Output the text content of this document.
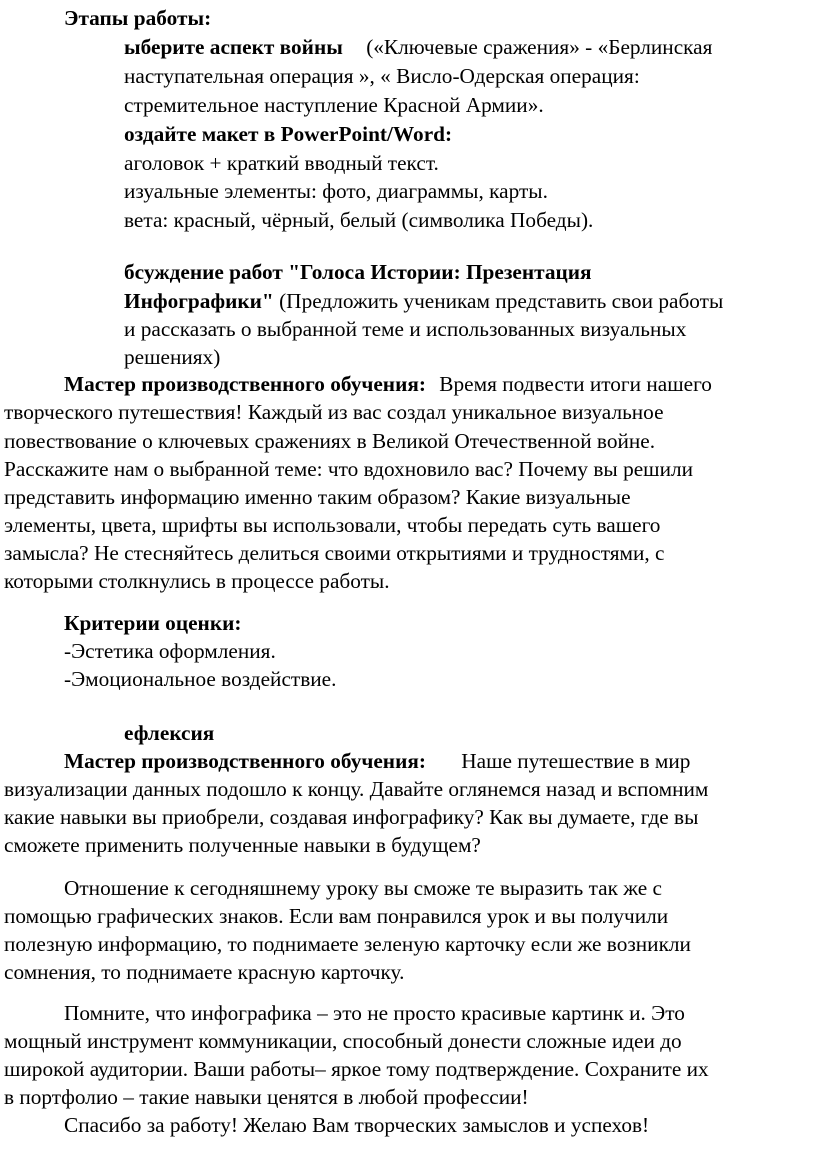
Этапы работы:
ыберите аспект войны («Ключевые сражения» - «Берлинская
наступательная операция », « Висло-Одерская операция:
стремительное наступление Красной Армии».
оздайте макет в PowerPoint/Word:
аголовок + краткий вводный текст.
изуальные элементы: фото, диаграммы, карты.
вета: красный, чёрный, белый (символика Победы).
бсуждение работ "Голоса Истории: Презентация
Инфографики" (Предложить ученикам представить свои работы
и рассказать о выбранной теме и использованных визуальных
решениях)
Мастер производственного обучения: Время подвести итоги нашего
творческого путешествия! Каждый из вас создал уникальное визуальное
повествование о ключевых сражениях в Великой Отечественной войне.
Расскажите нам о выбранной теме: что вдохновило вас? Почему вы решили
представить информацию именно таким образом? Какие визуальные
элементы, цвета, шрифты вы использовали, чтобы передать суть вашего
замысла? Не стесняйтесь делиться своими открытиями и трудностями, с
которыми столкнулись в процессе работы.
Критерии оценки:
-Эстетика оформления.
-Эмоциональное воздействие.
ефлексия
Мастер производственного обучения: Наше путешествие в мир
визуализации данных подошло к концу. Давайте оглянемся назад и вспомним
какие навыки вы приобрели, создавая инфографику? Как вы думаете, где вы
сможете применить полученные навыки в будущем?
Отношение к сегодняшнему уроку вы сможе те выразить так же с
помощью графических знаков. Если вам понравился урок и вы получили
полезную информацию, то поднимаете зеленую карточку если же возникли
сомнения, то поднимаете красную карточку.
Помните, что инфографика – это не просто красивые картинк и. Это
мощный инструмент коммуникации, способный донести сложные идеи до
широкой аудитории. Ваши работы– яркое тому подтверждение. Сохраните их
в портфолио – такие навыки ценятся в любой профессии!
Спасибо за работу! Желаю Вам творческих замыслов и успехов!
